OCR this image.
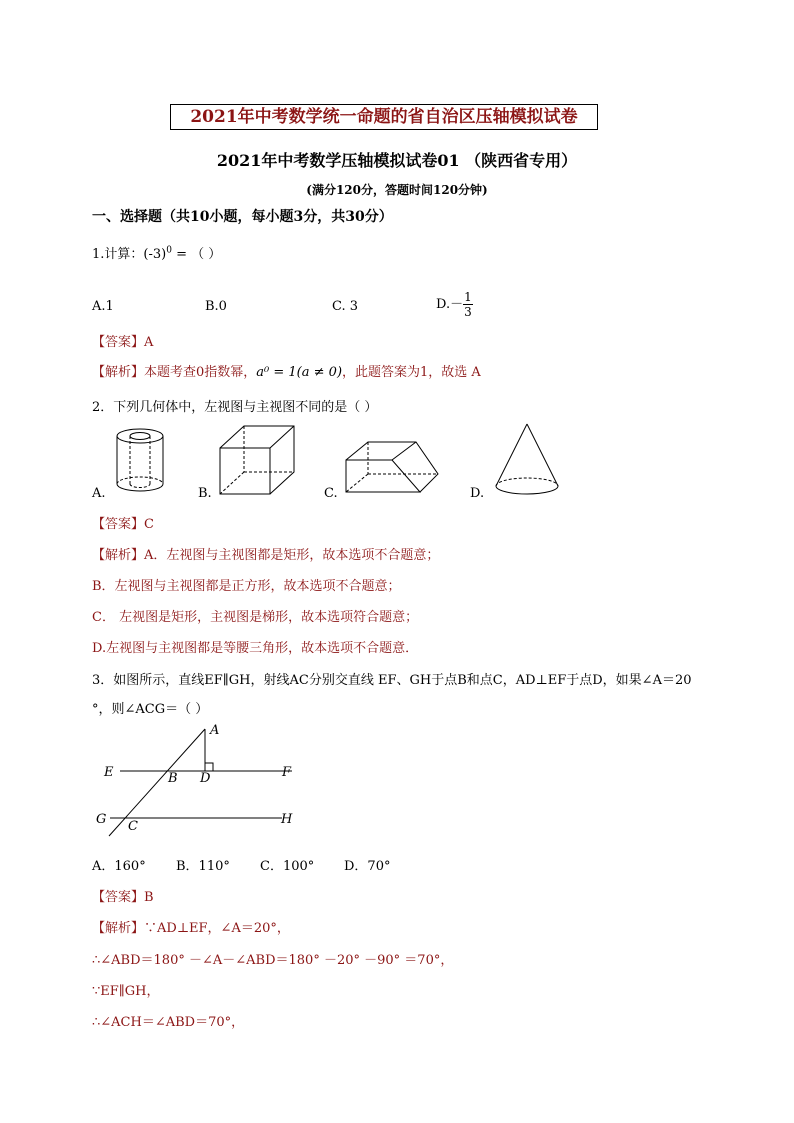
2021年中考数学统一命题的省自治区压轴模拟试卷
2021年中考数学压轴模拟试卷01 （陕西省专用）
(满分120分，答题时间120分钟)
一、选择题（共10小题，每小题3分，共30分）
1.计算：$(-3)^0$ = （ ）
A.1	B.0	C. 3	$D.- \frac{1}{3}$
【答案】A
【解析】本题考查0指数幂，a⁰ = 1(a ≠ 0)，此题答案为1，故选 A
2．下列几何体中，左视图与主视图不同的是（ ）
A.	B.	C.	D.
【答案】C
【解析】A．左视图与主视图都是矩形，故本选项不合题意；
B．左视图与主视图都是正方形，故本选项不合题意；
C． 左视图是矩形，主视图是梯形，故本选项符合题意；
D.左视图与主视图都是等腰三角形，故本选项不合题意．
3．如图所示，直线EF∥GH，射线AC分别交直线 EF、GH于点B和点C，AD⊥EF于点D，如果∠A＝20
°，则∠ACG＝（ ）
A
B D
E	F
G	H
C
A．160° B．110° C．100° D．70°
【答案】B
【解析】∵AD⊥EF，∠A＝20°，
∴∠ABD＝180° －∠A－∠ABD＝180° －20° －90° ＝70°，
∵EF∥GH，
∴∠ACH＝∠ABD＝70°，
